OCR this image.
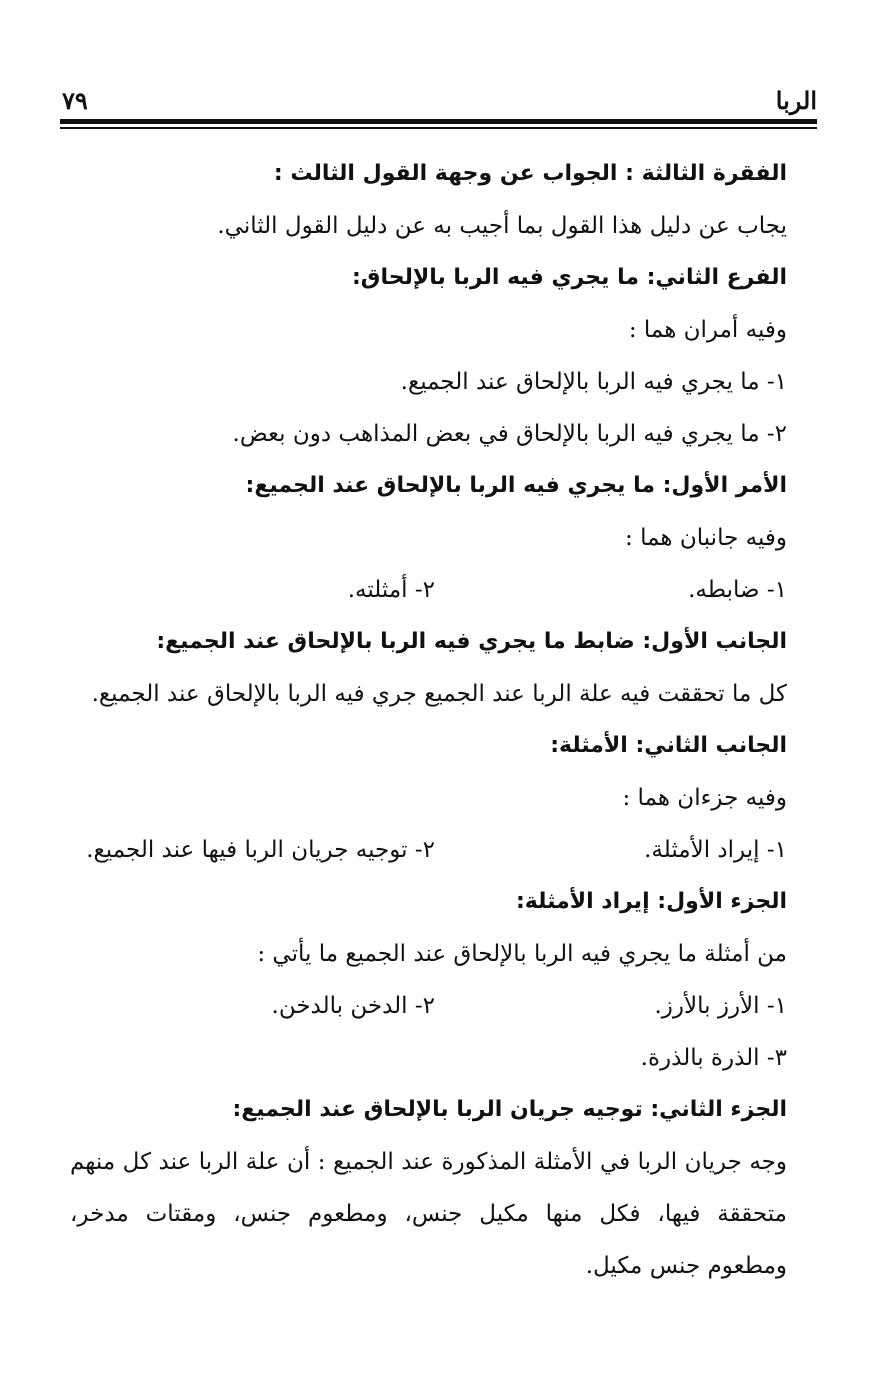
الربا
٧٩
الفقرة الثالثة : الجواب عن وجهة القول الثالث :
يجاب عن دليل هذا القول بما أجيب به عن دليل القول الثاني.
الفرع الثاني: ما يجري فيه الربا بالإلحاق:
وفيه أمران هما :
١- ما يجري فيه الربا بالإلحاق عند الجميع.
٢- ما يجري فيه الربا بالإلحاق في بعض المذاهب دون بعض.
الأمر الأول: ما يجري فيه الربا بالإلحاق عند الجميع:
وفيه جانبان هما :
١- ضابطه.
٢- أمثلته.
الجانب الأول: ضابط ما يجري فيه الربا بالإلحاق عند الجميع:
كل ما تحققت فيه علة الربا عند الجميع جري فيه الربا بالإلحاق عند الجميع.
الجانب الثاني: الأمثلة:
وفيه جزءان هما :
١- إيراد الأمثلة.
٢- توجيه جريان الربا فيها عند الجميع.
الجزء الأول: إيراد الأمثلة:
من أمثلة ما يجري فيه الربا بالإلحاق عند الجميع ما يأتي :
١- الأرز بالأرز.
٢- الدخن بالدخن.
٣- الذرة بالذرة.
الجزء الثاني: توجيه جريان الربا بالإلحاق عند الجميع:
وجه جريان الربا في الأمثلة المذكورة عند الجميع : أن علة الربا عند كل منهم
متحققة فيها، فكل منها مكيل جنس، ومطعوم جنس، ومقتات مدخر،
ومطعوم جنس مكيل.
